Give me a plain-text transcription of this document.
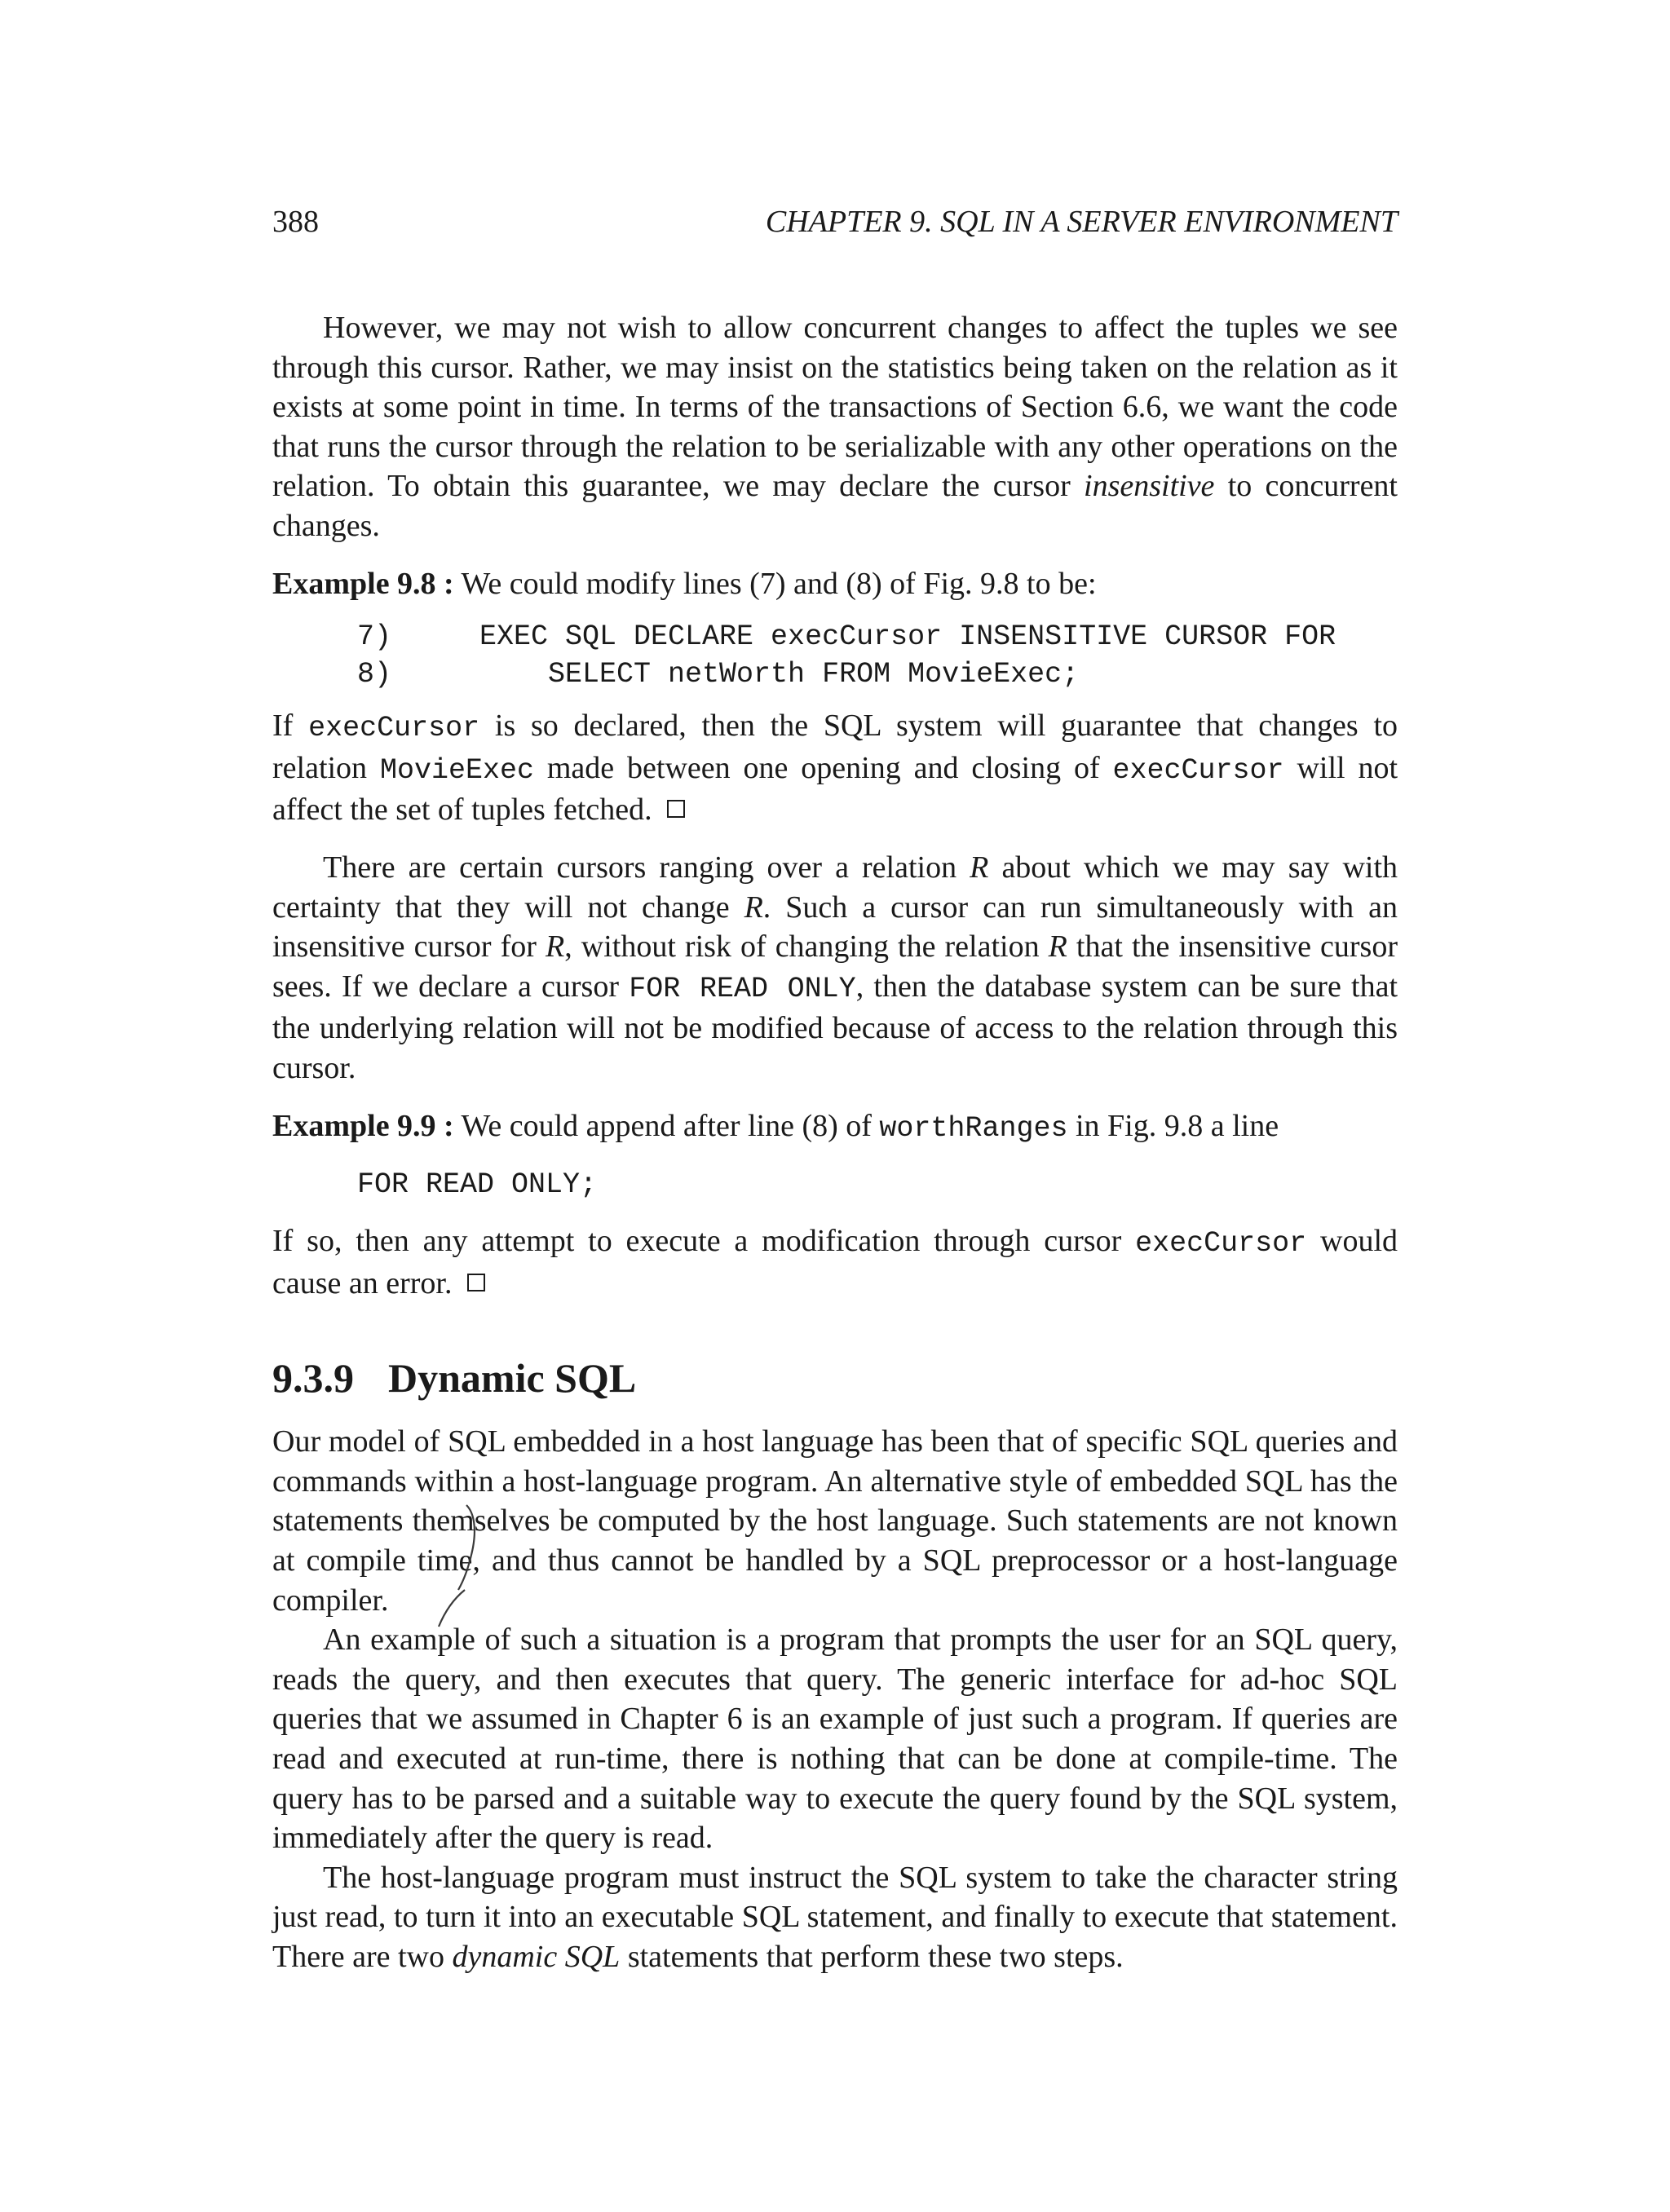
388	CHAPTER 9. SQL IN A SERVER ENVIRONMENT

However, we may not wish to allow concurrent changes to affect the tuples we see through this cursor. Rather, we may insist on the statistics being taken on the relation as it exists at some point in time. In terms of the transactions of Section 6.6, we want the code that runs the cursor through the relation to be serializable with any other operations on the relation. To obtain this guarantee, we may declare the cursor insensitive to concurrent changes.

Example 9.8 : We could modify lines (7) and (8) of Fig. 9.8 to be:

7)	EXEC SQL DECLARE execCursor INSENSITIVE CURSOR FOR
8)	SELECT netWorth FROM MovieExec;

If execCursor is so declared, then the SQL system will guarantee that changes to relation MovieExec made between one opening and closing of execCursor will not affect the set of tuples fetched.

There are certain cursors ranging over a relation R about which we may say with certainty that they will not change R. Such a cursor can run simultaneously with an insensitive cursor for R, without risk of changing the relation R that the insensitive cursor sees. If we declare a cursor FOR READ ONLY, then the database system can be sure that the underlying relation will not be modified because of access to the relation through this cursor.

Example 9.9 : We could append after line (8) of worthRanges in Fig. 9.8 a line

FOR READ ONLY;

If so, then any attempt to execute a modification through cursor execCursor would cause an error.

9.3.9 Dynamic SQL

Our model of SQL embedded in a host language has been that of specific SQL queries and commands within a host-language program. An alternative style of embedded SQL has the statements themselves be computed by the host language. Such statements are not known at compile time, and thus cannot be handled by a SQL preprocessor or a host-language compiler.

An example of such a situation is a program that prompts the user for an SQL query, reads the query, and then executes that query. The generic interface for ad-hoc SQL queries that we assumed in Chapter 6 is an example of just such a program. If queries are read and executed at run-time, there is nothing that can be done at compile-time. The query has to be parsed and a suitable way to execute the query found by the SQL system, immediately after the query is read.

The host-language program must instruct the SQL system to take the character string just read, to turn it into an executable SQL statement, and finally to execute that statement. There are two dynamic SQL statements that perform these two steps.
